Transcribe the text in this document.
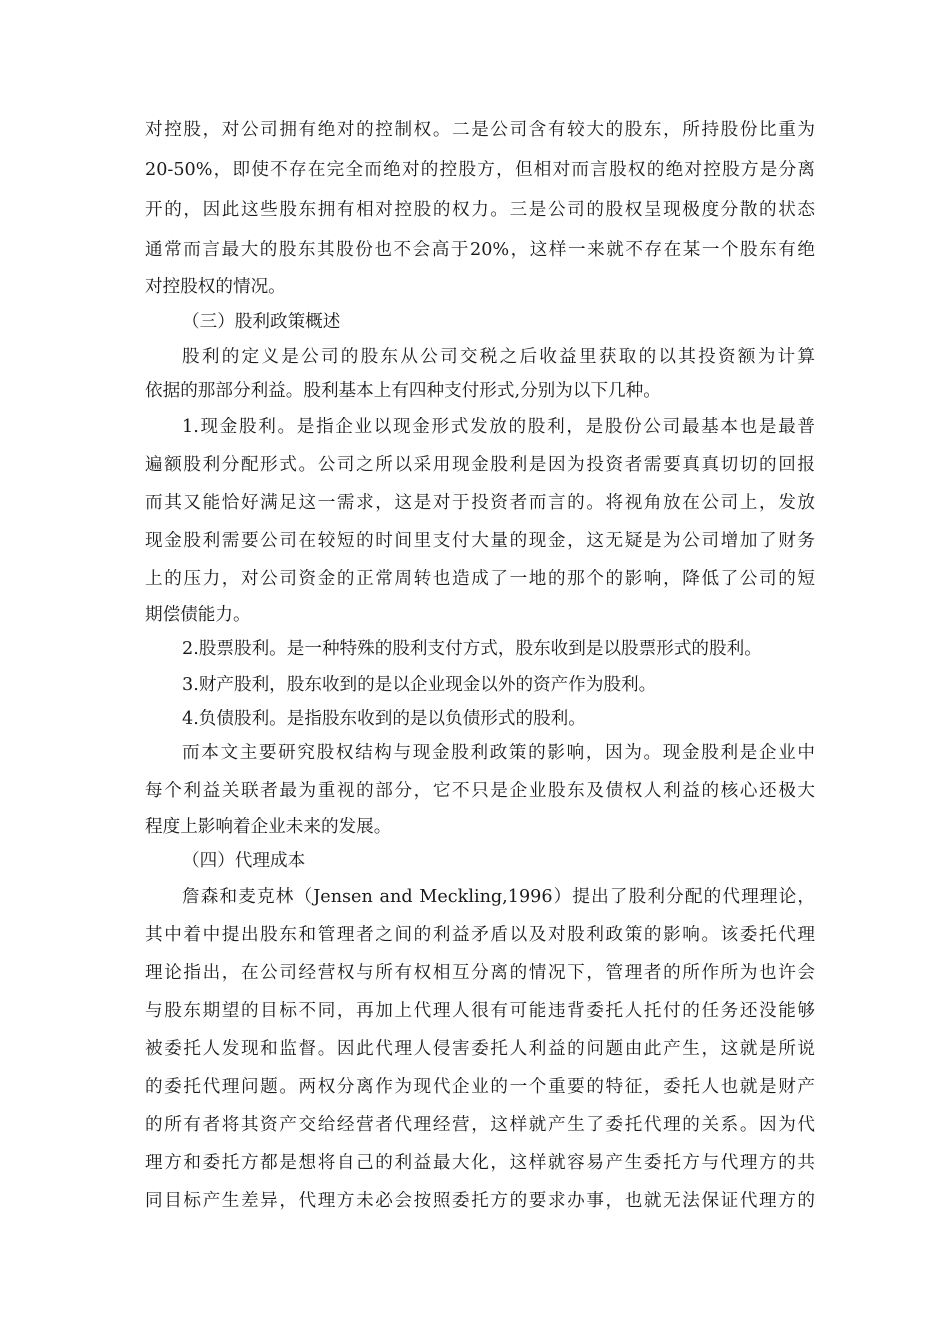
对控股，对公司拥有绝对的控制权。二是公司含有较大的股东，所持股份比重为

20-50%，即使不存在完全而绝对的控股方，但相对而言股权的绝对控股方是分离

开的，因此这些股东拥有相对控股的权力。三是公司的股权呈现极度分散的状态

通常而言最大的股东其股份也不会高于20%，这样一来就不存在某一个股东有绝

对控股权的情况。

（三）股利政策概述

股利的定义是公司的股东从公司交税之后收益里获取的以其投资额为计算

依据的那部分利益。股利基本上有四种支付形式,分别为以下几种。

1.现金股利。是指企业以现金形式发放的股利，是股份公司最基本也是最普

遍额股利分配形式。公司之所以采用现金股利是因为投资者需要真真切切的回报

而其又能恰好满足这一需求，这是对于投资者而言的。将视角放在公司上，发放

现金股利需要公司在较短的时间里支付大量的现金，这无疑是为公司增加了财务

上的压力，对公司资金的正常周转也造成了一地的那个的影响，降低了公司的短

期偿债能力。

2.股票股利。是一种特殊的股利支付方式，股东收到是以股票形式的股利。

3.财产股利，股东收到的是以企业现金以外的资产作为股利。

4.负债股利。是指股东收到的是以负债形式的股利。

而本文主要研究股权结构与现金股利政策的影响，因为。现金股利是企业中

每个利益关联者最为重视的部分，它不只是企业股东及债权人利益的核心还极大

程度上影响着企业未来的发展。

（四）代理成本

詹森和麦克林（Jensen and Meckling,1996）提出了股利分配的代理理论，

其中着中提出股东和管理者之间的利益矛盾以及对股利政策的影响。该委托代理

理论指出，在公司经营权与所有权相互分离的情况下，管理者的所作所为也许会

与股东期望的目标不同，再加上代理人很有可能违背委托人托付的任务还没能够

被委托人发现和监督。因此代理人侵害委托人利益的问题由此产生，这就是所说

的委托代理问题。两权分离作为现代企业的一个重要的特征，委托人也就是财产

的所有者将其资产交给经营者代理经营，这样就产生了委托代理的关系。因为代

理方和委托方都是想将自己的利益最大化，这样就容易产生委托方与代理方的共

同目标产生差异，代理方未必会按照委托方的要求办事，也就无法保证代理方的
